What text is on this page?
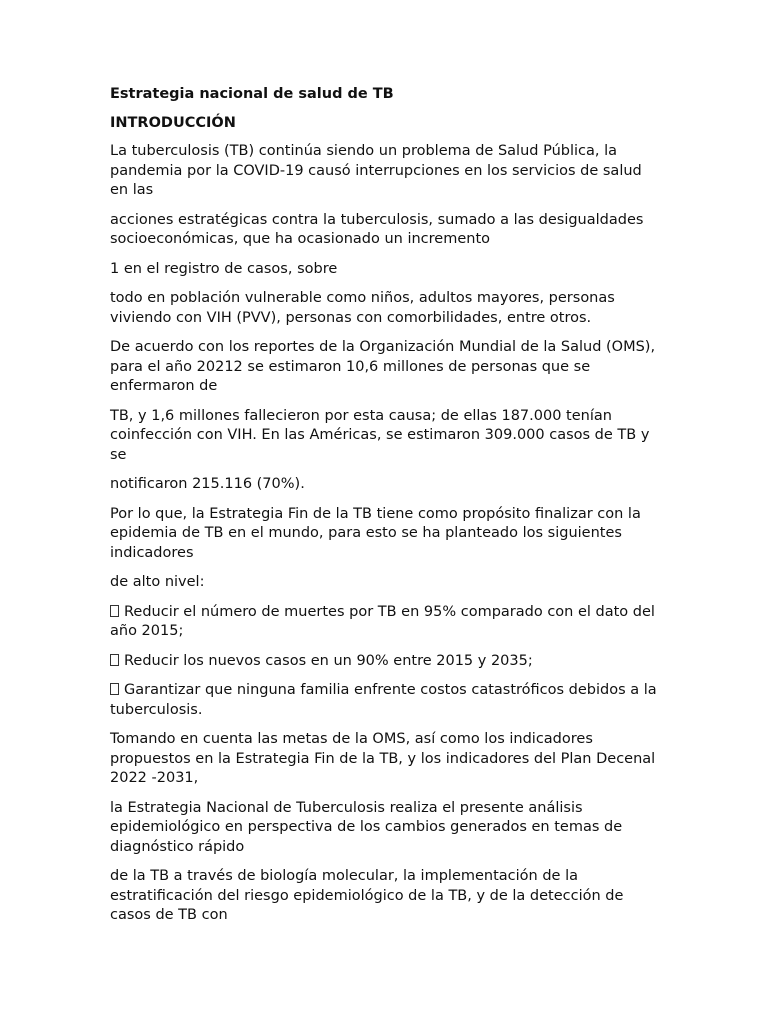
Estrategia nacional de salud de TB
INTRODUCCIÓN

La tuberculosis (TB) continúa siendo un problema de Salud Pública, la pandemia por la COVID-19 causó interrupciones en los servicios de salud en las

acciones estratégicas contra la tuberculosis, sumado a las desigualdades socioeconómicas, que ha ocasionado un incremento

1 en el registro de casos, sobre

todo en población vulnerable como niños, adultos mayores, personas viviendo con VIH (PVV), personas con comorbilidades, entre otros.

De acuerdo con los reportes de la Organización Mundial de la Salud (OMS), para el año 20212 se estimaron 10,6 millones de personas que se enfermaron de

TB, y 1,6 millones fallecieron por esta causa; de ellas 187.000 tenían coinfección con VIH. En las Américas, se estimaron 309.000 casos de TB y se

notificaron 215.116 (70%).

Por lo que, la Estrategia Fin de la TB tiene como propósito finalizar con la epidemia de TB en el mundo, para esto se ha planteado los siguientes indicadores

de alto nivel:

Reducir el número de muertes por TB en 95% comparado con el dato del año 2015;

Reducir los nuevos casos en un 90% entre 2015 y 2035;

Garantizar que ninguna familia enfrente costos catastróficos debidos a la tuberculosis.

Tomando en cuenta las metas de la OMS, así como los indicadores propuestos en la Estrategia Fin de la TB, y los indicadores del Plan Decenal 2022 -2031,

la Estrategia Nacional de Tuberculosis realiza el presente análisis epidemiológico en perspectiva de los cambios generados en temas de diagnóstico rápido

de la TB a través de biología molecular, la implementación de la estratificación del riesgo epidemiológico de la TB, y de la detección de casos de TB con
